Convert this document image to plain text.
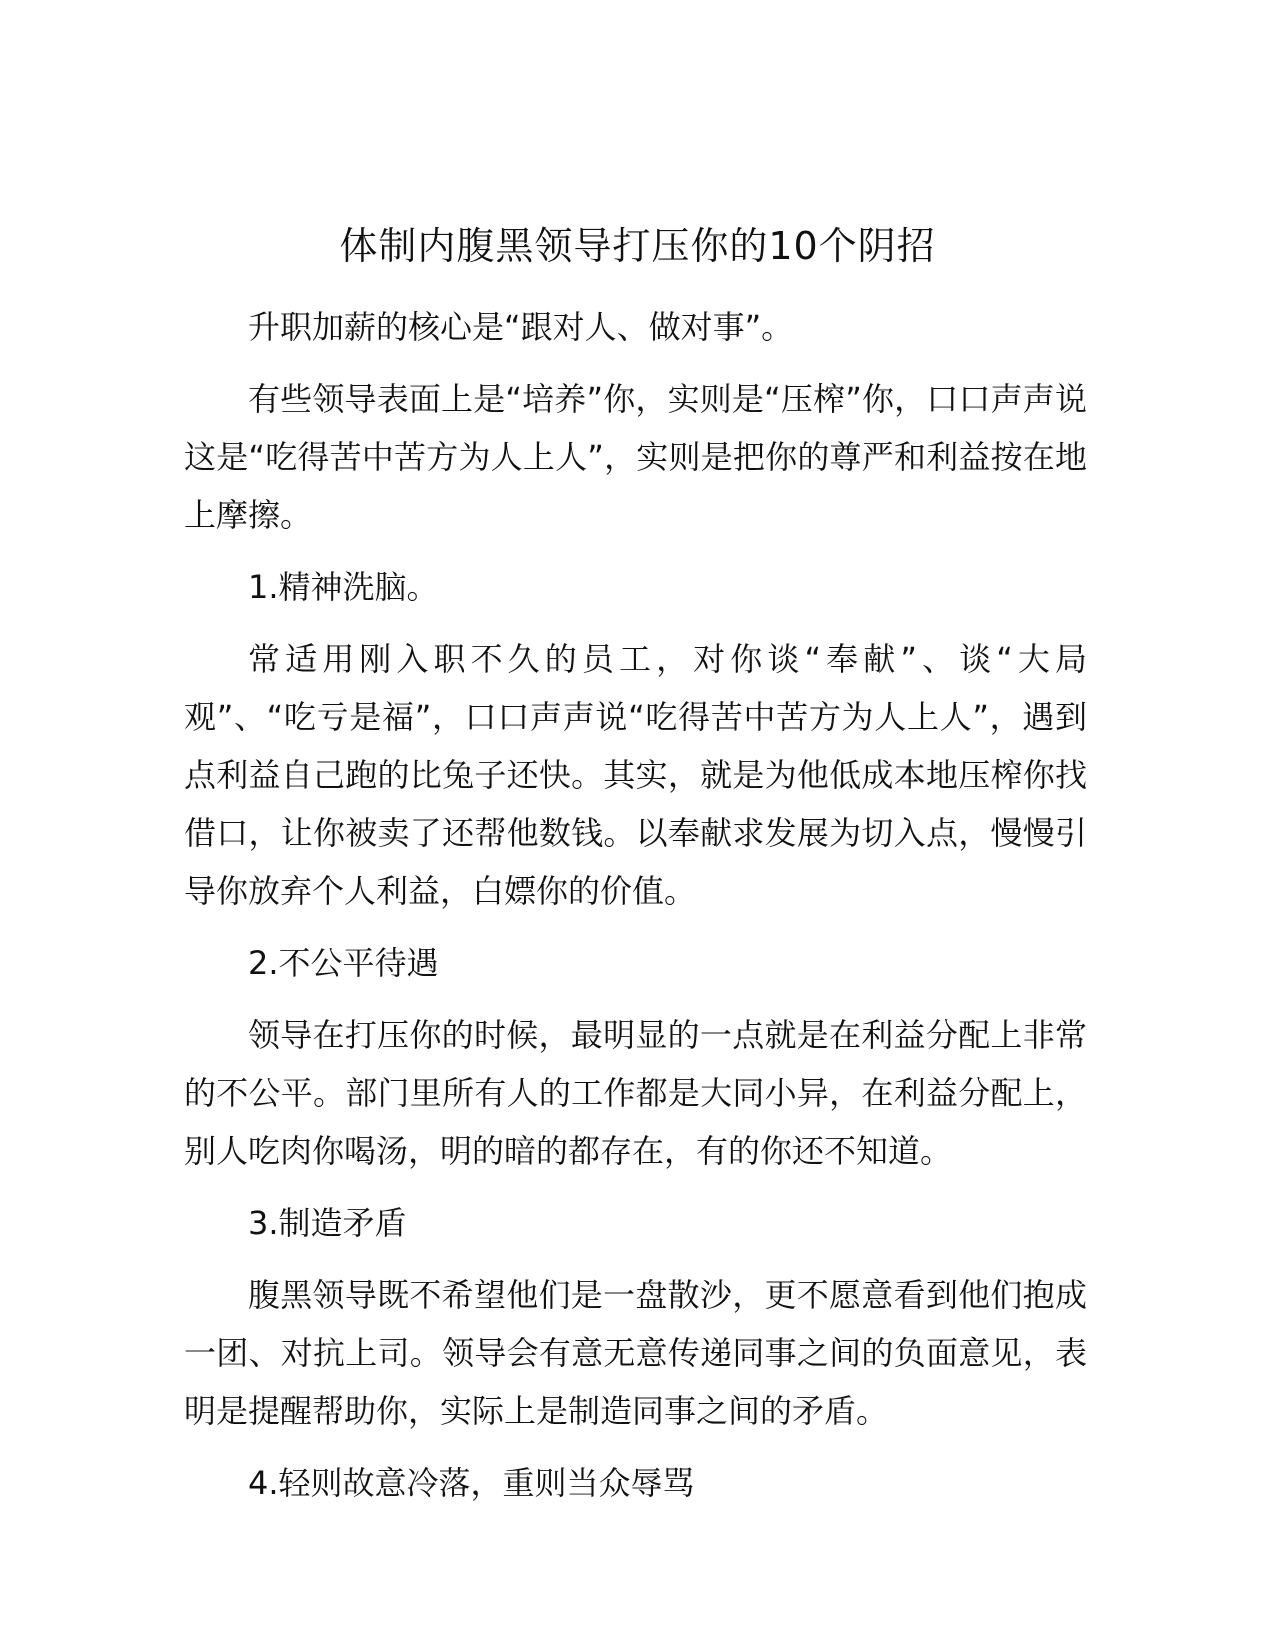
体制内腹黑领导打压你的10个阴招

升职加薪的核心是“跟对人、做对事”。

有些领导表面上是“培养”你，实则是“压榨”你，口口声声说这是“吃得苦中苦方为人上人”，实则是把你的尊严和利益按在地上摩擦。

1.精神洗脑。

常适用刚入职不久的员工，对你谈“奉献”、谈“大局观”、“吃亏是福”，口口声声说“吃得苦中苦方为人上人”，遇到点利益自己跑的比兔子还快。其实，就是为他低成本地压榨你找借口，让你被卖了还帮他数钱。以奉献求发展为切入点，慢慢引导你放弃个人利益，白嫖你的价值。

2.不公平待遇

领导在打压你的时候，最明显的一点就是在利益分配上非常的不公平。部门里所有人的工作都是大同小异，在利益分配上，别人吃肉你喝汤，明的暗的都存在，有的你还不知道。

3.制造矛盾

腹黑领导既不希望他们是一盘散沙，更不愿意看到他们抱成一团、对抗上司。领导会有意无意传递同事之间的负面意见，表明是提醒帮助你，实际上是制造同事之间的矛盾。

4.轻则故意冷落，重则当众辱骂
